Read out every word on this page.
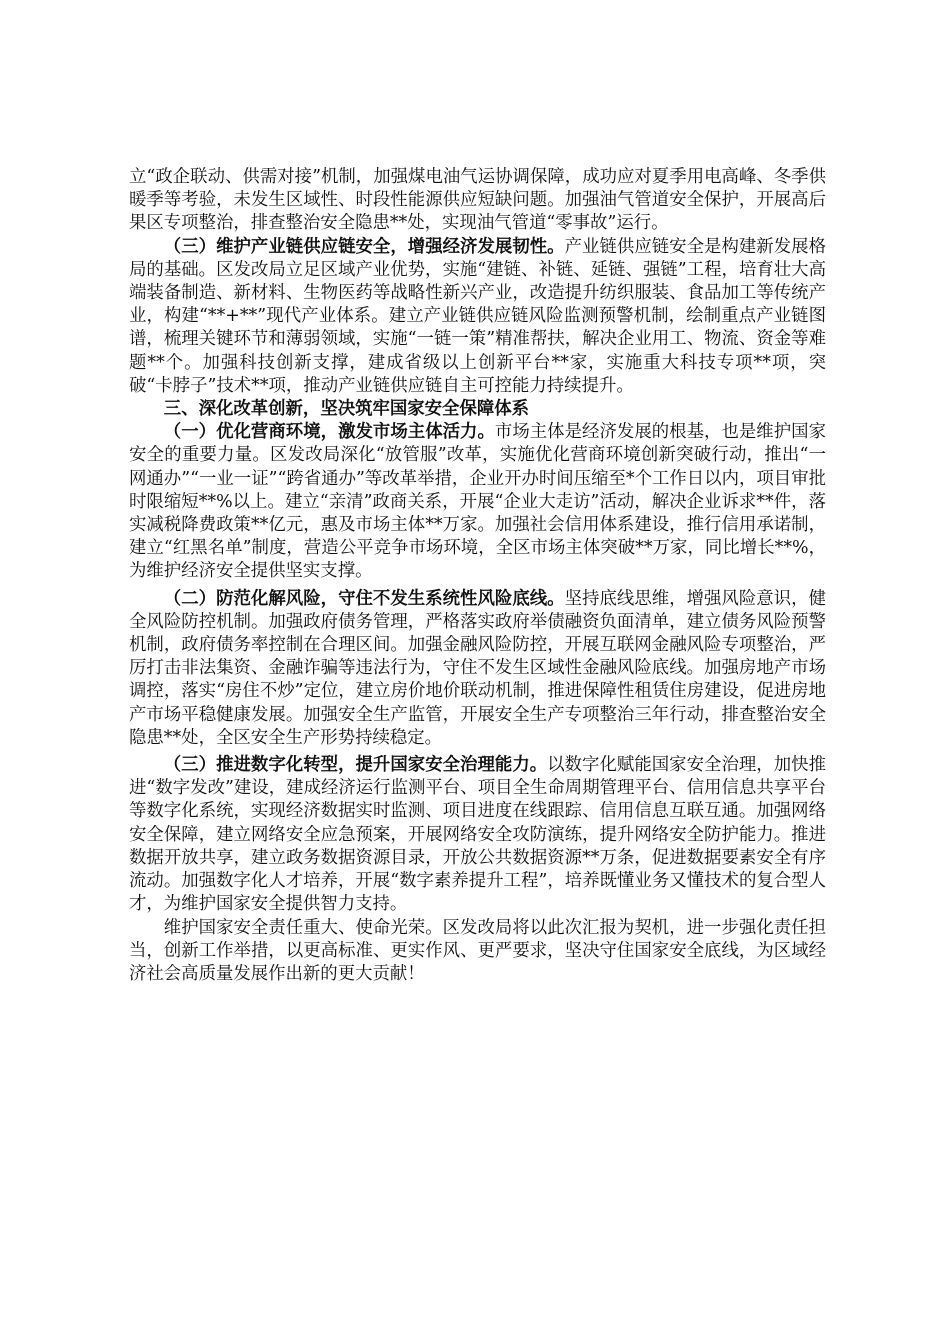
立“政企联动、供需对接”机制，加强煤电油气运协调保障，成功应对夏季用电高峰、冬季供暖季等考验，未发生区域性、时段性能源供应短缺问题。加强油气管道安全保护，开展高后果区专项整治，排查整治安全隐患**处，实现油气管道“零事故”运行。

（三）维护产业链供应链安全，增强经济发展韧性。产业链供应链安全是构建新发展格局的基础。区发改局立足区域产业优势，实施“建链、补链、延链、强链”工程，培育壮大高端装备制造、新材料、生物医药等战略性新兴产业，改造提升纺织服装、食品加工等传统产业，构建“**+**”现代产业体系。建立产业链供应链风险监测预警机制，绘制重点产业链图谱，梳理关键环节和薄弱领域，实施“一链一策”精准帮扶，解决企业用工、物流、资金等难题**个。加强科技创新支撑，建成省级以上创新平台**家，实施重大科技专项**项，突破“卡脖子”技术**项，推动产业链供应链自主可控能力持续提升。

三、深化改革创新，坚决筑牢国家安全保障体系

（一）优化营商环境，激发市场主体活力。市场主体是经济发展的根基，也是维护国家安全的重要力量。区发改局深化“放管服”改革，实施优化营商环境创新突破行动，推出“一网通办”“一业一证”“跨省通办”等改革举措，企业开办时间压缩至*个工作日以内，项目审批时限缩短**%以上。建立“亲清”政商关系，开展“企业大走访”活动，解决企业诉求**件，落实减税降费政策**亿元，惠及市场主体**万家。加强社会信用体系建设，推行信用承诺制，建立“红黑名单”制度，营造公平竞争市场环境，全区市场主体突破**万家，同比增长**%，为维护经济安全提供坚实支撑。

（二）防范化解风险，守住不发生系统性风险底线。坚持底线思维，增强风险意识，健全风险防控机制。加强政府债务管理，严格落实政府举债融资负面清单，建立债务风险预警机制，政府债务率控制在合理区间。加强金融风险防控，开展互联网金融风险专项整治，严厉打击非法集资、金融诈骗等违法行为，守住不发生区域性金融风险底线。加强房地产市场调控，落实“房住不炒”定位，建立房价地价联动机制，推进保障性租赁住房建设，促进房地产市场平稳健康发展。加强安全生产监管，开展安全生产专项整治三年行动，排查整治安全隐患**处，全区安全生产形势持续稳定。

（三）推进数字化转型，提升国家安全治理能力。以数字化赋能国家安全治理，加快推进“数字发改”建设，建成经济运行监测平台、项目全生命周期管理平台、信用信息共享平台等数字化系统，实现经济数据实时监测、项目进度在线跟踪、信用信息互联互通。加强网络安全保障，建立网络安全应急预案，开展网络安全攻防演练，提升网络安全防护能力。推进数据开放共享，建立政务数据资源目录，开放公共数据资源**万条，促进数据要素安全有序流动。加强数字化人才培养，开展“数字素养提升工程”，培养既懂业务又懂技术的复合型人才，为维护国家安全提供智力支持。

维护国家安全责任重大、使命光荣。区发改局将以此次汇报为契机，进一步强化责任担当，创新工作举措，以更高标准、更实作风、更严要求，坚决守住国家安全底线，为区域经济社会高质量发展作出新的更大贡献！
